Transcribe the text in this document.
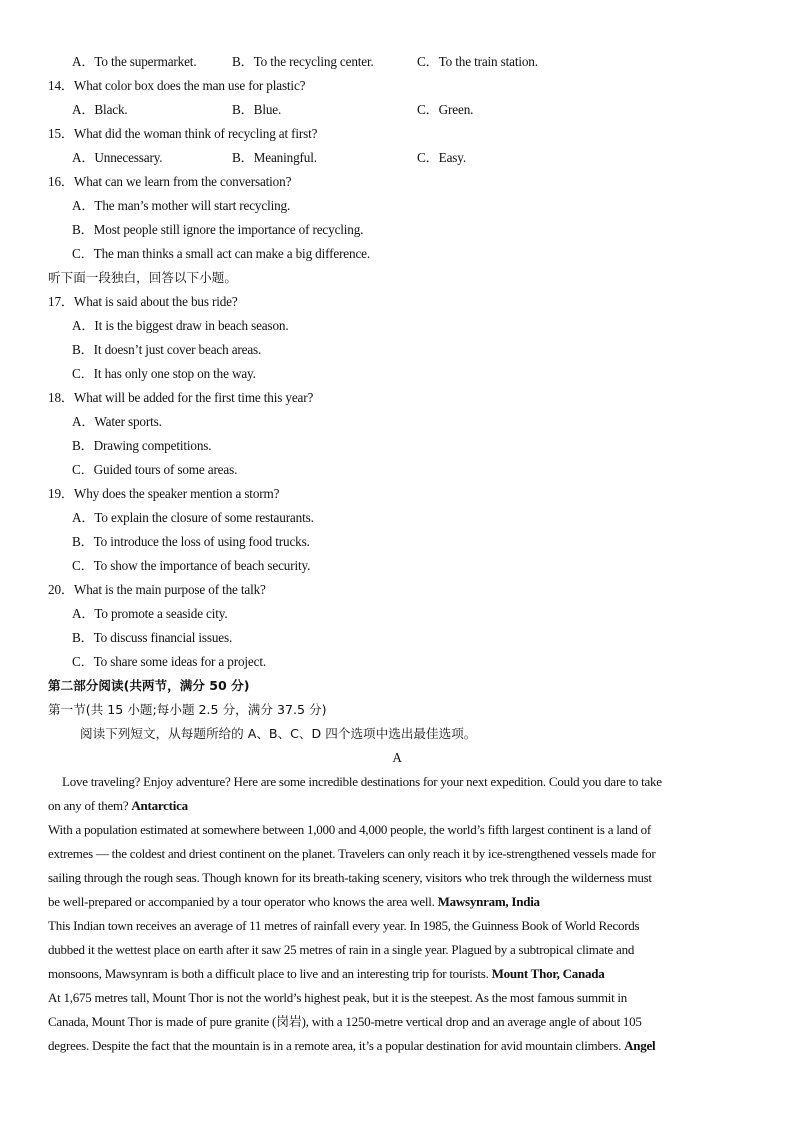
A．To the supermarket.	B．To the recycling center.	C．To the train station.
14．What color box does the man use for plastic?
A．Black.	B．Blue.	C．Green.
15．What did the woman think of recycling at first?
A．Unnecessary.	B．Meaningful.	C．Easy.
16．What can we learn from the conversation?
A．The man’s mother will start recycling.
B．Most people still ignore the importance of recycling.
C．The man thinks a small act can make a big difference.
听下面一段独白，回答以下小题。
17．What is said about the bus ride?
A．It is the biggest draw in beach season.
B．It doesn’t just cover beach areas.
C．It has only one stop on the way.
18．What will be added for the first time this year?
A．Water sports.
B．Drawing competitions.
C．Guided tours of some areas.
19．Why does the speaker mention a storm?
A．To explain the closure of some restaurants.
B．To introduce the loss of using food trucks.
C．To show the importance of beach security.
20．What is the main purpose of the talk?
A．To promote a seaside city.
B．To discuss financial issues.
C．To share some ideas for a project.
第二部分阅读(共两节，满分 50 分)
第一节(共 15 小题;每小题 2.5 分，满分 37.5 分)
阅读下列短文，从每题所给的 A、B、C、D 四个选项中选出最佳选项。
A
Love traveling? Enjoy adventure? Here are some incredible destinations for your next expedition. Could you dare to take
on any of them? Antarctica
With a population estimated at somewhere between 1,000 and 4,000 people, the world’s fifth largest continent is a land of
extremes — the coldest and driest continent on the planet. Travelers can only reach it by ice-strengthened vessels made for
sailing through the rough seas. Though known for its breath-taking scenery, visitors who trek through the wilderness must
be well-prepared or accompanied by a tour operator who knows the area well. Mawsynram, India
This Indian town receives an average of 11 metres of rainfall every year. In 1985, the Guinness Book of World Records
dubbed it the wettest place on earth after it saw 25 metres of rain in a single year. Plagued by a subtropical climate and
monsoons, Mawsynram is both a difficult place to live and an interesting trip for tourists. Mount Thor, Canada
At 1,675 metres tall, Mount Thor is not the world’s highest peak, but it is the steepest. As the most famous summit in
Canada, Mount Thor is made of pure granite (岗岩), with a 1250-metre vertical drop and an average angle of about 105
degrees. Despite the fact that the mountain is in a remote area, it’s a popular destination for avid mountain climbers. Angel
